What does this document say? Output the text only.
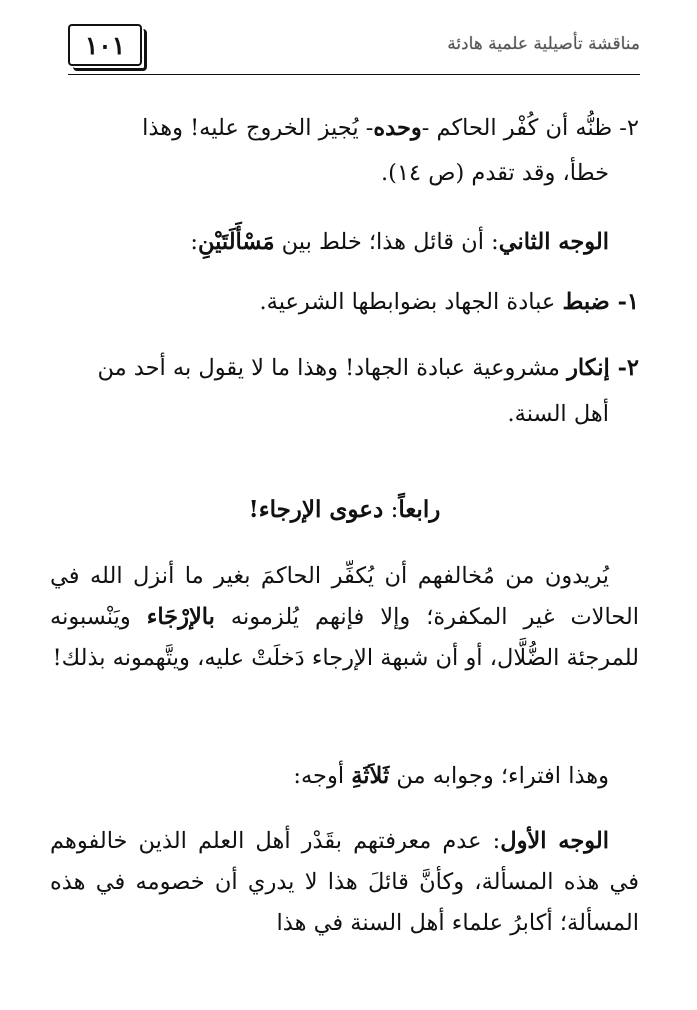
١٠١	مناقشة تأصيلية علمية هادئة
٢- ظنُّه أن كُفْر الحاكم -وحده- يُجيز الخروج عليه! وهذا
خطأ، وقد تقدم (ص ١٤).
الوجه الثاني: أن قائل هذا؛ خلط بين مَسْأَلَتَيْنِ:
١- ضبط عبادة الجهاد بضوابطها الشرعية.
٢- إنكار مشروعية عبادة الجهاد! وهذا ما لا يقول به أحد من
أهل السنة.
رابعاً: دعوى الإرجاء!
يُريدون من مُخالفهم أن يُكفِّر الحاكمَ بغير ما أنزل الله في الحالات غير المكفرة؛ وإلا فإنهم يُلزمونه بالإرْجَاء ويَنْسبونه للمرجئة الضُّلَّال، أو أن شبهة الإرجاء دَخلَتْ عليه، ويتَّهمونه بذلك!
وهذا افتراء؛ وجوابه من ثَلاَثَةِ أوجه:
الوجه الأول: عدم معرفتهم بقَدْر أهل العلم الذين خالفوهم في هذه المسألة، وكأنَّ قائلَ هذا لا يدري أن خصومه في هذه المسألة؛ أكابرُ علماء أهل السنة في هذا
